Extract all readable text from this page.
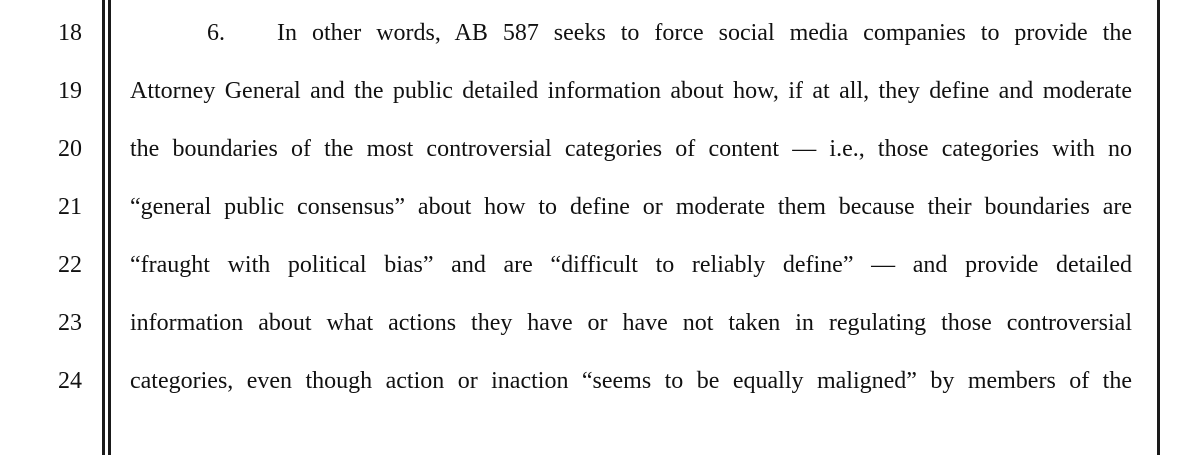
18
19
20
21
22
23
24
6. In other words, AB 587 seeks to force social media companies to provide the
Attorney General and the public detailed information about how, if at all, they define and moderate
the boundaries of the most controversial categories of content — i.e., those categories with no
“general public consensus” about how to define or moderate them because their boundaries are
“fraught with political bias” and are “difficult to reliably define” — and provide detailed
information about what actions they have or have not taken in regulating those controversial
categories, even though action or inaction “seems to be equally maligned” by members of the
